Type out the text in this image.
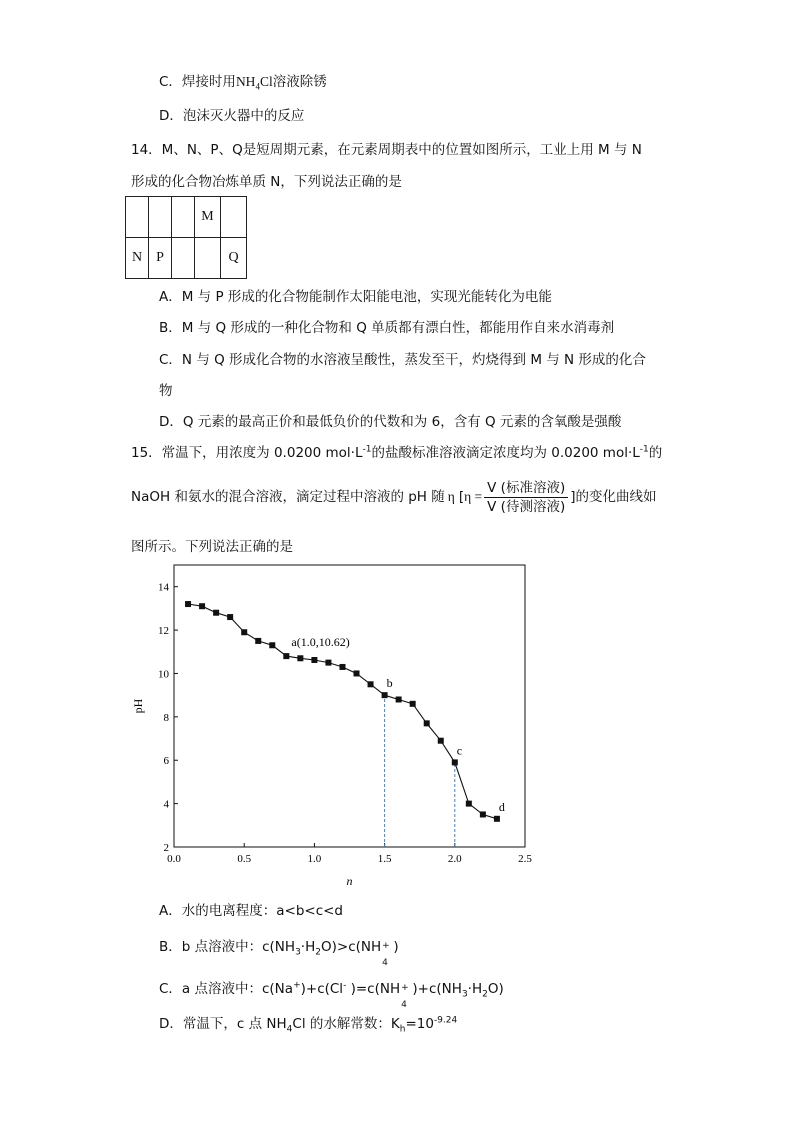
C．焊接时用$NH_4Cl$溶液除锈
D．泡沫灭火器中的反应
14．M、N、P、Q是短周期元素，在元素周期表中的位置如图所示，工业上用 M 与 N
形成的化合物冶炼单质 N，下列说法正确的是
			M	
N	P			Q
A．M 与 P 形成的化合物能制作太阳能电池，实现光能转化为电能
B．M 与 Q 形成的一种化合物和 Q 单质都有漂白性，都能用作自来水消毒剂
C．N 与 Q 形成化合物的水溶液呈酸性，蒸发至干，灼烧得到 M 与 N 形成的化合
物
D．Q 元素的最高正价和最低负价的代数和为 6，含有 Q 元素的含氧酸是强酸
15．常温下，用浓度为 0.0200 $mol\cdot L^{-1}$的盐酸标准溶液滴定浓度均为 0.0200 $mol\cdot L^{-1}$的
NaOH 和氨水的混合溶液，滴定过程中溶液的 pH 随 η [$\eta = \frac{\text{V (标准溶液)}}{\text{V (待测溶液)}}$ ]的变化曲线如
图所示。下列说法正确的是
0.0	0.5	1.0	1.5	2.0	2.5
2
4
6
8
10
12
14
a(1.0,10.62)
b
c
d
n
pH
A．水的电离程度：a<b<c<d
B．b 点溶液中：$c(NH_3\cdot H_2O)>c(NH$ +
4
)
C．a 点溶液中：c(Na+)+c(Cl- )=c(NH +
4
)$+c(NH_3\cdot H_2O)$
D．常温下，c 点 $NH_4Cl$ 的水解常数：$K_h=10^{-9.24}$
